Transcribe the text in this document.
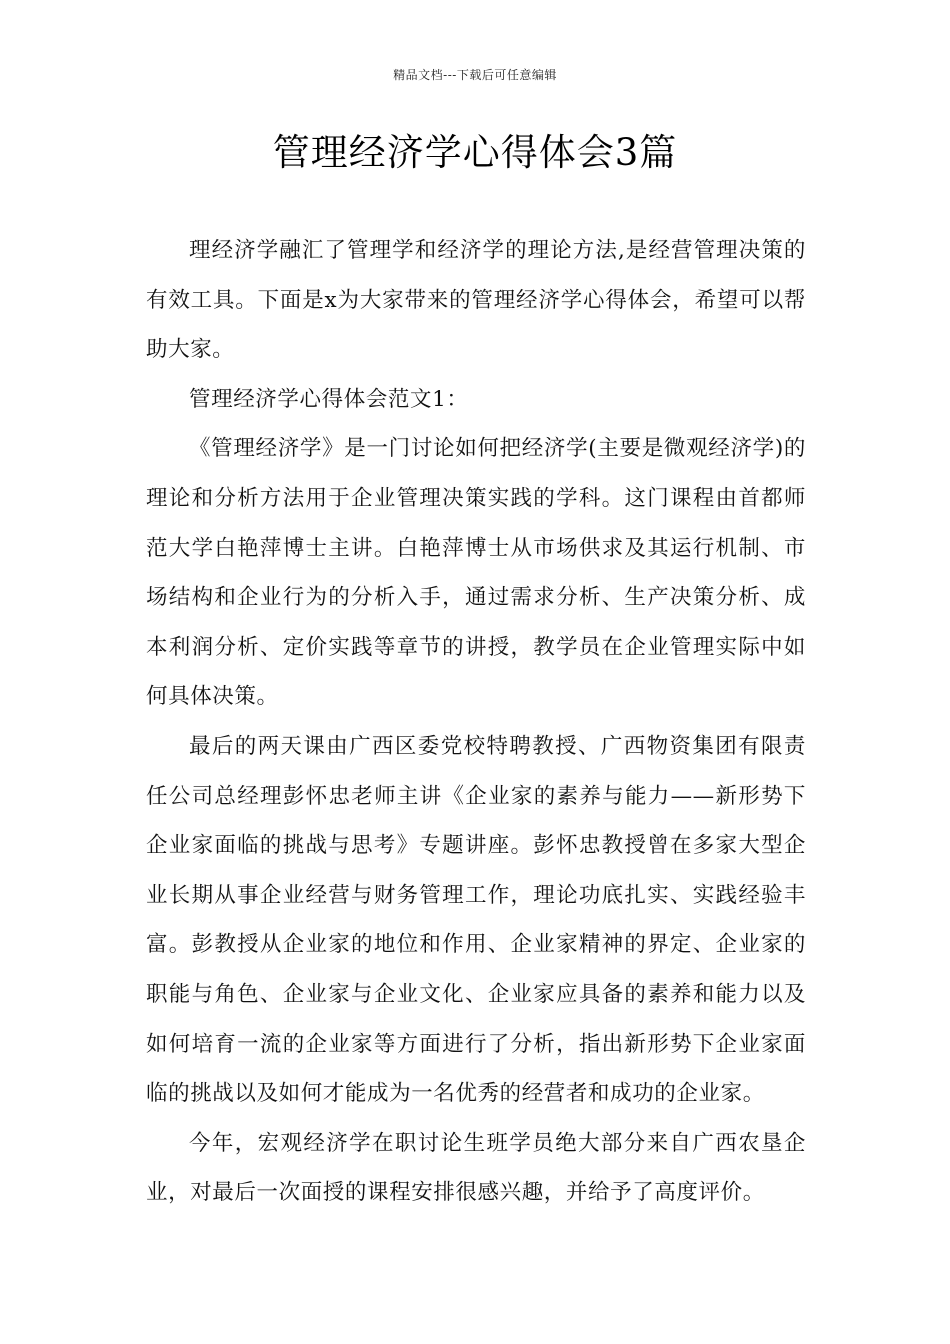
精品文档---下载后可任意编辑
管理经济学心得体会3篇

理经济学融汇了管理学和经济学的理论方法,是经营管理决策的有效工具。下面是x为大家带来的管理经济学心得体会，希望可以帮助大家。

管理经济学心得体会范文1：

《管理经济学》是一门讨论如何把经济学(主要是微观经济学)的理论和分析方法用于企业管理决策实践的学科。这门课程由首都师范大学白艳萍博士主讲。白艳萍博士从市场供求及其运行机制、市场结构和企业行为的分析入手，通过需求分析、生产决策分析、成本利润分析、定价实践等章节的讲授，教学员在企业管理实际中如何具体决策。

最后的两天课由广西区委党校特聘教授、广西物资集团有限责任公司总经理彭怀忠老师主讲《企业家的素养与能力——新形势下企业家面临的挑战与思考》专题讲座。彭怀忠教授曾在多家大型企业长期从事企业经营与财务管理工作，理论功底扎实、实践经验丰富。彭教授从企业家的地位和作用、企业家精神的界定、企业家的职能与角色、企业家与企业文化、企业家应具备的素养和能力以及如何培育一流的企业家等方面进行了分析，指出新形势下企业家面临的挑战以及如何才能成为一名优秀的经营者和成功的企业家。

今年，宏观经济学在职讨论生班学员绝大部分来自广西农垦企业，对最后一次面授的课程安排很感兴趣，并给予了高度评价。
